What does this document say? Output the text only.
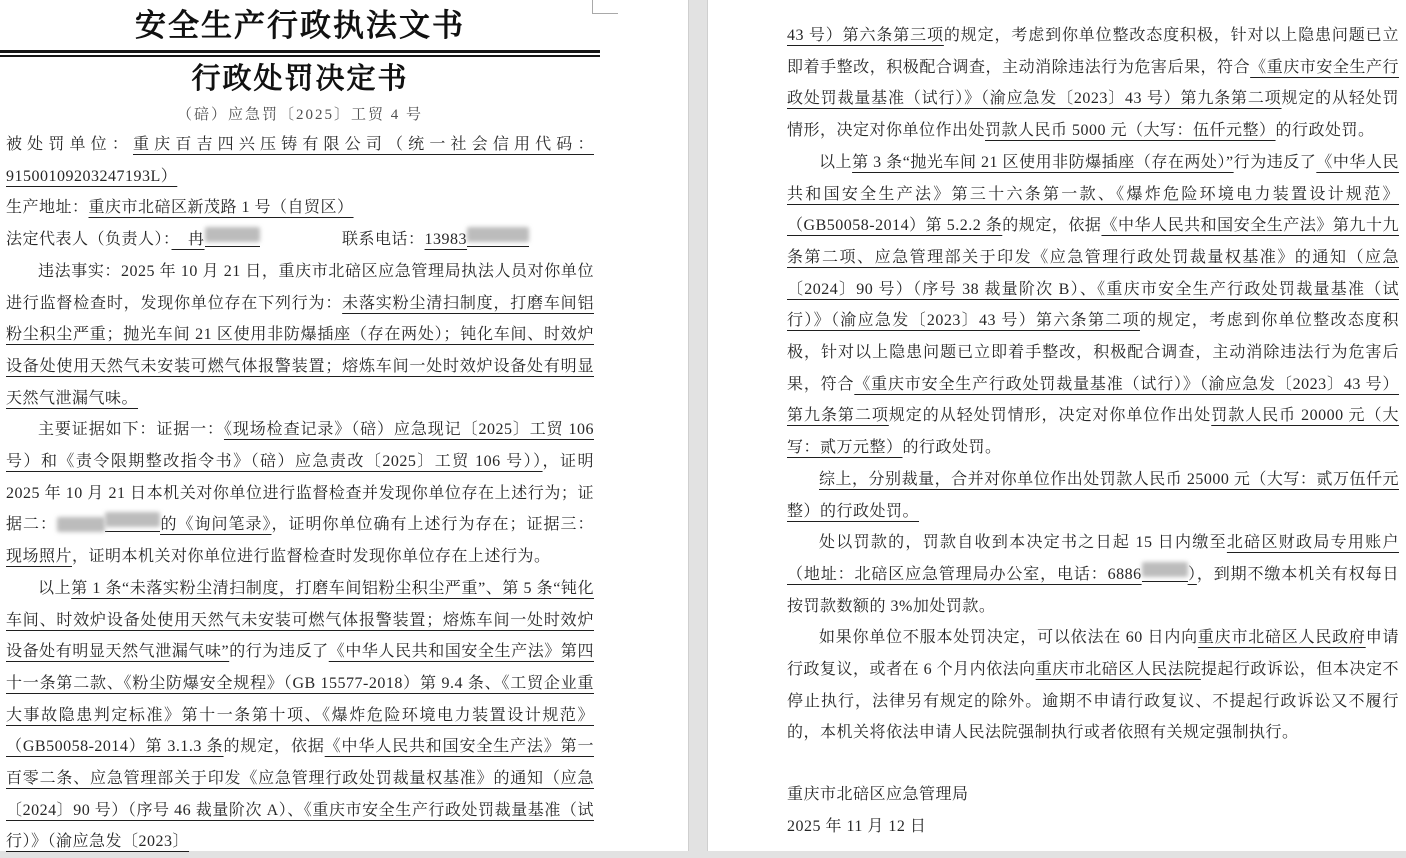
安全生产行政执法文书
行政处罚决定书
（碚）应急罚〔2025〕工贸 4 号

被处罚单位：重庆百吉四兴压铸有限公司（统一社会信用代码：91500109203247193L）

生产地址：重庆市北碚区新茂路 1 号（自贸区）

法定代表人（负责人）：　冉	　　　　　联系电话：13983

违法事实：2025 年 10 月 21 日，重庆市北碚区应急管理局执法人员对你单位进行监督检查时，发现你单位存在下列行为：未落实粉尘清扫制度，打磨车间铝粉尘积尘严重；抛光车间 21 区使用非防爆插座（存在两处）；钝化车间、时效炉设备处使用天然气未安装可燃气体报警装置；熔炼车间一处时效炉设备处有明显天然气泄漏气味。

主要证据如下：证据一：《现场检查记录》（碚）应急现记〔2025〕工贸 106 号）和《责令限期整改指令书》（碚）应急责改〔2025〕工贸 106 号）），证明 2025 年 10 月 21 日本机关对你单位进行监督检查并发现你单位存在上述行为；证据二：	的《询问笔录》，证明你单位确有上述行为存在；证据三：现场照片，证明本机关对你单位进行监督检查时发现你单位存在上述行为。

以上第 1 条“未落实粉尘清扫制度，打磨车间铝粉尘积尘严重”、第 5 条“钝化车间、时效炉设备处使用天然气未安装可燃气体报警装置；熔炼车间一处时效炉设备处有明显天然气泄漏气味”的行为违反了《中华人民共和国安全生产法》第四十一条第二款、《粉尘防爆安全规程》（GB 15577-2018）第 9.4 条、《工贸企业重大事故隐患判定标准》第十一条第十项、《爆炸危险环境电力装置设计规范》（GB50058-2014）第 3.1.3 条的规定，依据《中华人民共和国安全生产法》第一百零二条、应急管理部关于印发《应急管理行政处罚裁量权基准》的通知（应急〔2024〕90 号）（序号 46 裁量阶次 A）、《重庆市安全生产行政处罚裁量基准（试行）》（渝应急发〔2023〕

43 号）第六条第三项的规定，考虑到你单位整改态度积极，针对以上隐患问题已立即着手整改，积极配合调查，主动消除违法行为危害后果，符合《重庆市安全生产行政处罚裁量基准（试行）》（渝应急发〔2023〕43 号）第九条第二项规定的从轻处罚情形，决定对你单位作出处罚款人民币 5000 元（大写：伍仟元整）的行政处罚。

以上第 3 条“抛光车间 21 区使用非防爆插座（存在两处）”行为违反了《中华人民共和国安全生产法》第三十六条第一款、《爆炸危险环境电力装置设计规范》（GB50058-2014）第 5.2.2 条的规定，依据《中华人民共和国安全生产法》第九十九条第二项、应急管理部关于印发《应急管理行政处罚裁量权基准》的通知（应急〔2024〕90 号）（序号 38 裁量阶次 B）、《重庆市安全生产行政处罚裁量基准（试行）》（渝应急发〔2023〕43 号）第六条第二项的规定，考虑到你单位整改态度积极，针对以上隐患问题已立即着手整改，积极配合调查，主动消除违法行为危害后果，符合《重庆市安全生产行政处罚裁量基准（试行）》（渝应急发〔2023〕43 号）第九条第二项规定的从轻处罚情形，决定对你单位作出处罚款人民币 20000 元（大写：贰万元整）的行政处罚。

综上，分别裁量，合并对你单位作出处罚款人民币 25000 元（大写：贰万伍仟元整）的行政处罚。

处以罚款的，罚款自收到本决定书之日起 15 日内缴至北碚区财政局专用账户（地址：北碚区应急管理局办公室，电话：6886	），到期不缴本机关有权每日按罚款数额的 3%加处罚款。

如果你单位不服本处罚决定，可以依法在 60 日内向重庆市北碚区人民政府申请行政复议，或者在 6 个月内依法向重庆市北碚区人民法院提起行政诉讼，但本决定不停止执行，法律另有规定的除外。逾期不申请行政复议、不提起行政诉讼又不履行的，本机关将依法申请人民法院强制执行或者依照有关规定强制执行。

重庆市北碚区应急管理局

2025 年 11 月 12 日
